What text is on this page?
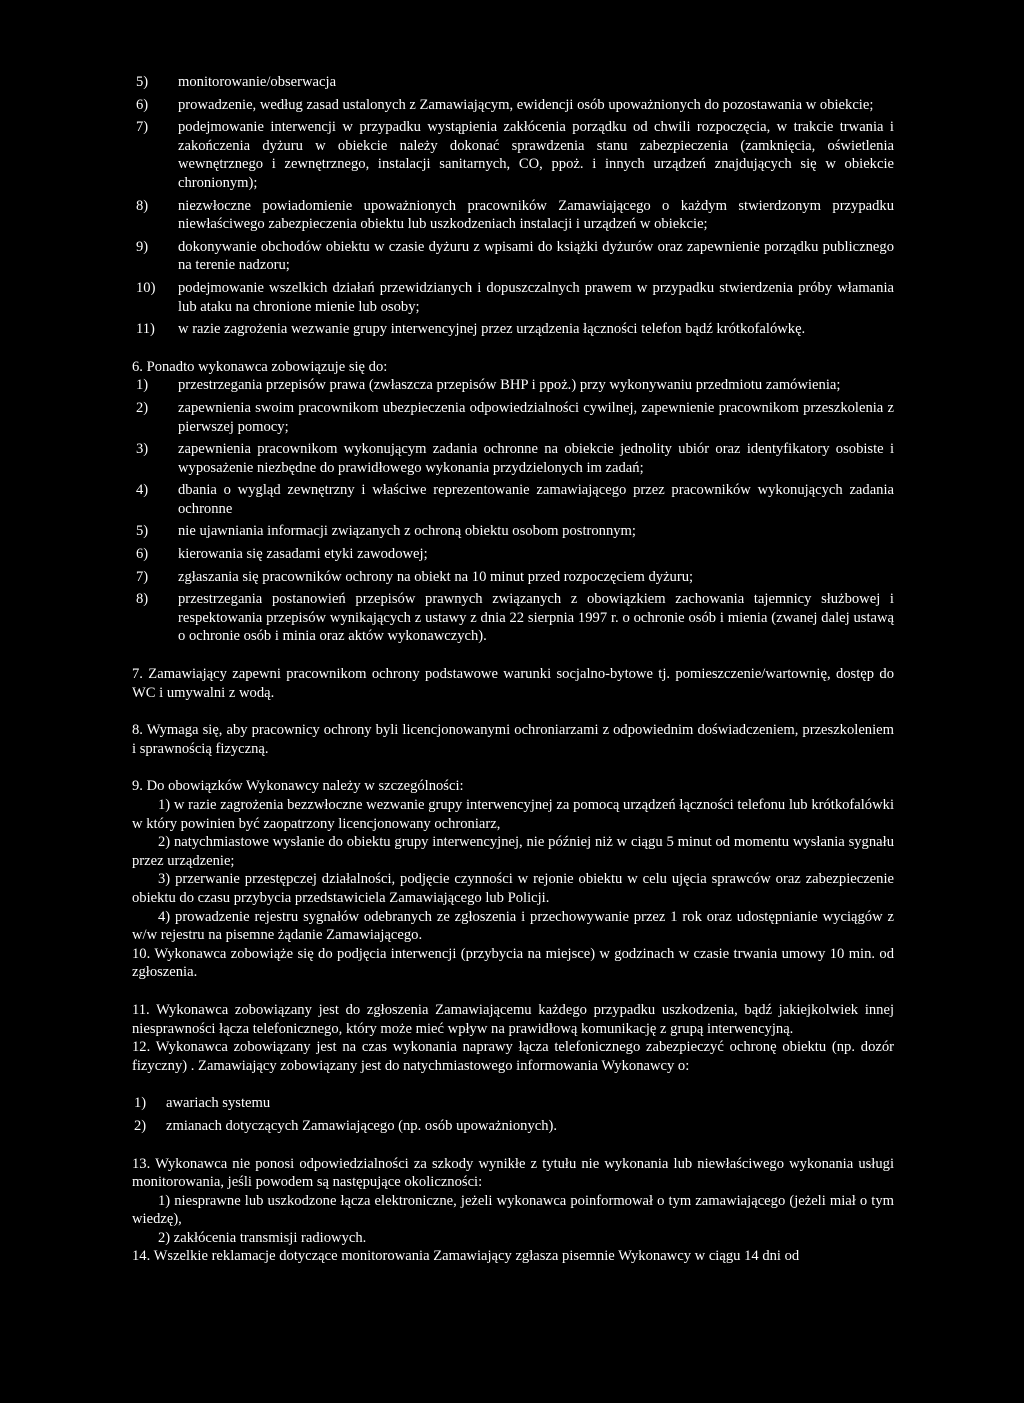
5) monitorowanie/obserwacja
6) prowadzenie, według zasad ustalonych z Zamawiającym, ewidencji osób upoważnionych do pozostawania w obiekcie;
7) podejmowanie interwencji w przypadku wystąpienia zakłócenia porządku od chwili rozpoczęcia, w trakcie trwania i zakończenia dyżuru w obiekcie należy dokonać sprawdzenia stanu zabezpieczenia (zamknięcia, oświetlenia wewnętrznego i zewnętrznego, instalacji sanitarnych, CO, ppoż. i innych urządzeń znajdujących się w obiekcie chronionym);
8) niezwłoczne powiadomienie upoważnionych pracowników Zamawiającego o każdym stwierdzonym przypadku niewłaściwego zabezpieczenia obiektu lub uszkodzeniach instalacji i urządzeń w obiekcie;
9) dokonywanie obchodów obiektu w czasie dyżuru z wpisami do książki dyżurów oraz zapewnienie porządku publicznego na terenie nadzoru;
10) podejmowanie wszelkich działań przewidzianych i dopuszczalnych prawem w przypadku stwierdzenia próby włamania lub ataku na chronione mienie lub osoby;
11) w razie zagrożenia wezwanie grupy interwencyjnej przez urządzenia łączności telefon bądź krótkofalówkę.
6. Ponadto wykonawca zobowiązuje się do:
1) przestrzegania przepisów prawa (zwłaszcza przepisów BHP i ppoż.) przy wykonywaniu przedmiotu zamówienia;
2) zapewnienia swoim pracownikom ubezpieczenia odpowiedzialności cywilnej, zapewnienie pracownikom przeszkolenia z pierwszej pomocy;
3) zapewnienia pracownikom wykonującym zadania ochronne na obiekcie jednolity ubiór oraz identyfikatory osobiste i wyposażenie niezbędne do prawidłowego wykonania przydzielonych im zadań;
4) dbania o wygląd zewnętrzny i właściwe reprezentowanie zamawiającego przez pracowników wykonujących zadania ochronne
5) nie ujawniania informacji związanych z ochroną obiektu osobom postronnym;
6) kierowania się zasadami etyki zawodowej;
7) zgłaszania się pracowników ochrony na obiekt na 10 minut przed rozpoczęciem dyżuru;
8) przestrzegania postanowień przepisów prawnych związanych z obowiązkiem zachowania tajemnicy służbowej i respektowania przepisów wynikających z ustawy z dnia 22 sierpnia 1997 r. o ochronie osób i mienia (zwanej dalej ustawą o ochronie osób i minia oraz aktów wykonawczych).
7. Zamawiający zapewni pracownikom ochrony podstawowe warunki socjalno-bytowe tj. pomieszczenie/wartownię, dostęp do WC i umywalni z wodą.
8. Wymaga się, aby pracownicy ochrony byli licencjonowanymi ochroniarzami z odpowiednim doświadczeniem, przeszkoleniem i sprawnością fizyczną.
9. Do obowiązków Wykonawcy należy w szczególności:
1) w razie zagrożenia bezzwłoczne wezwanie grupy interwencyjnej za pomocą urządzeń łączności telefonu lub krótkofalówki w który powinien być zaopatrzony licencjonowany ochroniarz,
2) natychmiastowe wysłanie do obiektu grupy interwencyjnej, nie później niż w ciągu 5 minut od momentu wysłania sygnału przez urządzenie;
3) przerwanie przestępczej działalności, podjęcie czynności w rejonie obiektu w celu ujęcia sprawców oraz zabezpieczenie obiektu do czasu przybycia przedstawiciela Zamawiającego lub Policji.
4) prowadzenie rejestru sygnałów odebranych ze zgłoszenia i przechowywanie przez 1 rok oraz udostępnianie wyciągów z w/w rejestru na pisemne żądanie Zamawiającego.
10. Wykonawca zobowiąże się do podjęcia interwencji (przybycia na miejsce) w godzinach w czasie trwania umowy 10 min. od zgłoszenia.
11. Wykonawca zobowiązany jest do zgłoszenia Zamawiającemu każdego przypadku uszkodzenia, bądź jakiejkolwiek innej niesprawności łącza telefonicznego, który może mieć wpływ na prawidłową komunikację z grupą interwencyjną.
12. Wykonawca zobowiązany jest na czas wykonania naprawy łącza telefonicznego zabezpieczyć ochronę obiektu (np. dozór fizyczny) . Zamawiający zobowiązany jest do natychmiastowego informowania Wykonawcy o:
1) awariach systemu
2) zmianach dotyczących Zamawiającego (np. osób upoważnionych).
13. Wykonawca nie ponosi odpowiedzialności za szkody wynikłe z tytułu nie wykonania lub niewłaściwego wykonania usługi monitorowania, jeśli powodem są następujące okoliczności:
1) niesprawne lub uszkodzone łącza elektroniczne, jeżeli wykonawca poinformował o tym zamawiającego (jeżeli miał o tym wiedzę),
2) zakłócenia transmisji radiowych.
14. Wszelkie reklamacje dotyczące monitorowania Zamawiający zgłasza pisemnie Wykonawcy w ciągu 14 dni od
